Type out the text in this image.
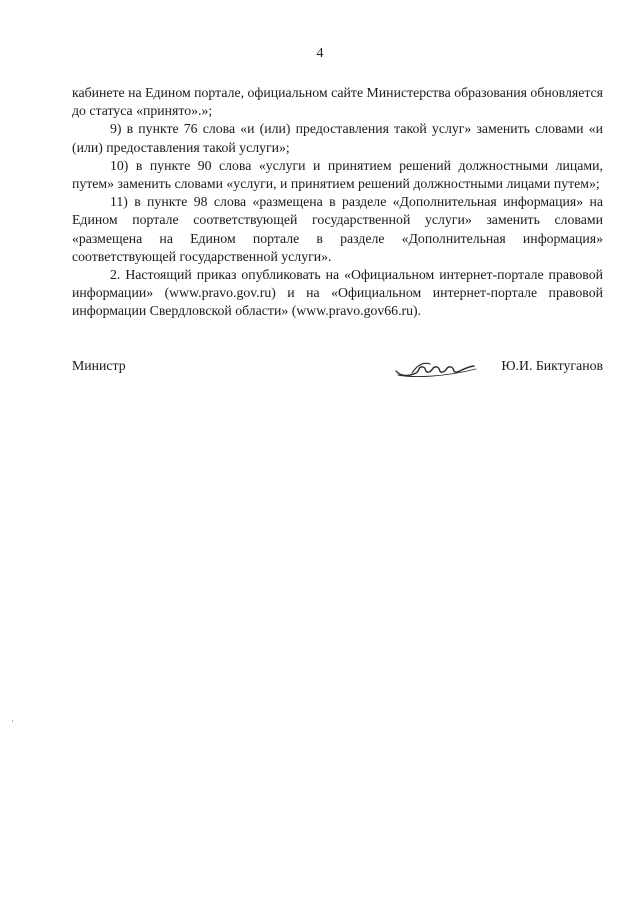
4

кабинете на Едином портале, официальном сайте Министерства образования обновляется до статуса «принято».»;

9) в пункте 76 слова «и (или) предоставления такой услуг» заменить словами «и (или) предоставления такой услуги»;

10) в пункте 90 слова «услуги и принятием решений должностными лицами, путем» заменить словами «услуги, и принятием решений должностными лицами путем»;

11) в пункте 98 слова «размещена в разделе «Дополнительная информация» на Едином портале соответствующей государственной услуги» заменить словами «размещена на Едином портале в разделе «Дополнительная информация» соответствующей государственной услуги».

2. Настоящий приказ опубликовать на «Официальном интернет-портале правовой информации» (www.pravo.gov.ru) и на «Официальном интернет-портале правовой информации Свердловской области» (www.pravo.gov66.ru).

Министр	Ю.И. Биктуганов
